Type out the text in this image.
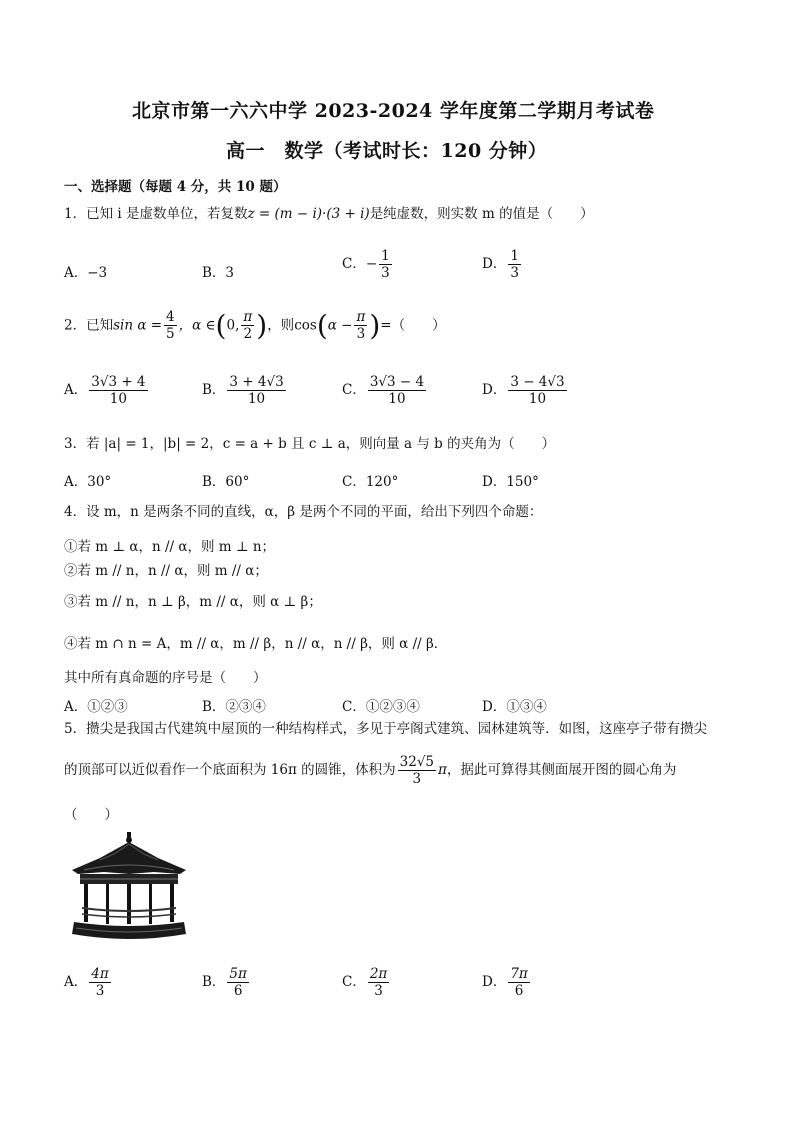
北京市第一六六中学 2023-2024 学年度第二学期月考试卷
高一　数学（考试时长：120 分钟）
一、选择题（每题 4 分，共 10 题）
1．已知 i 是虚数单位，若复数z = (m − i)·(3 + i)是纯虚数，则实数 m 的值是（　　）
A．−3	B．3
C．− $\frac{1}{3}$	D． $\frac{1}{3}$
2．已知$\sin \alpha = \frac{4}{5}$ ，α ∈(0, $\frac{\pi}{2}$ )，则$\cos(\alpha - \frac{\pi}{3}$ )=（　　）
A． $\frac{3√3 + 4}{10}$	B． $\frac{3 + 4√3}{10}$	C． $\frac{3√3 - 4}{10}$	D． $\frac{3 - 4√3}{10}$
3．若 |a| = 1，|b| = 2，c = a + b 且 c ⊥ a，则向量 a 与 b 的夹角为（　　）
A．30°	B．60°	C．120°	D．150°
4．设 m，n 是两条不同的直线，α，β 是两个不同的平面，给出下列四个命题：
①若 m ⊥ α，n // α，则 m ⊥ n；
②若 m // n，n // α，则 m // α；
③若 m // n，n ⊥ β，m // α，则 α ⊥ β；
④若 m ∩ n = A，m // α，m // β，n // α，n // β，则 α // β．
其中所有真命题的序号是（　　）
A．①②③	B．②③④	C．①②③④	D．①③④
5．攒尖是我国古代建筑中屋顶的一种结构样式，多见于亭阁式建筑、园林建筑等．如图，这座亭子带有攒尖
的顶部可以近似看作一个底面积为 16π 的圆锥，体积为 $\frac{32√5}{3}$ π，据此可算得其侧面展开图的圆心角为
（　　）
A． $\frac{4\pi}{3}$	B． $\frac{5\pi}{6}$	C． $\frac{2\pi}{3}$	D． $\frac{7\pi}{6}$
